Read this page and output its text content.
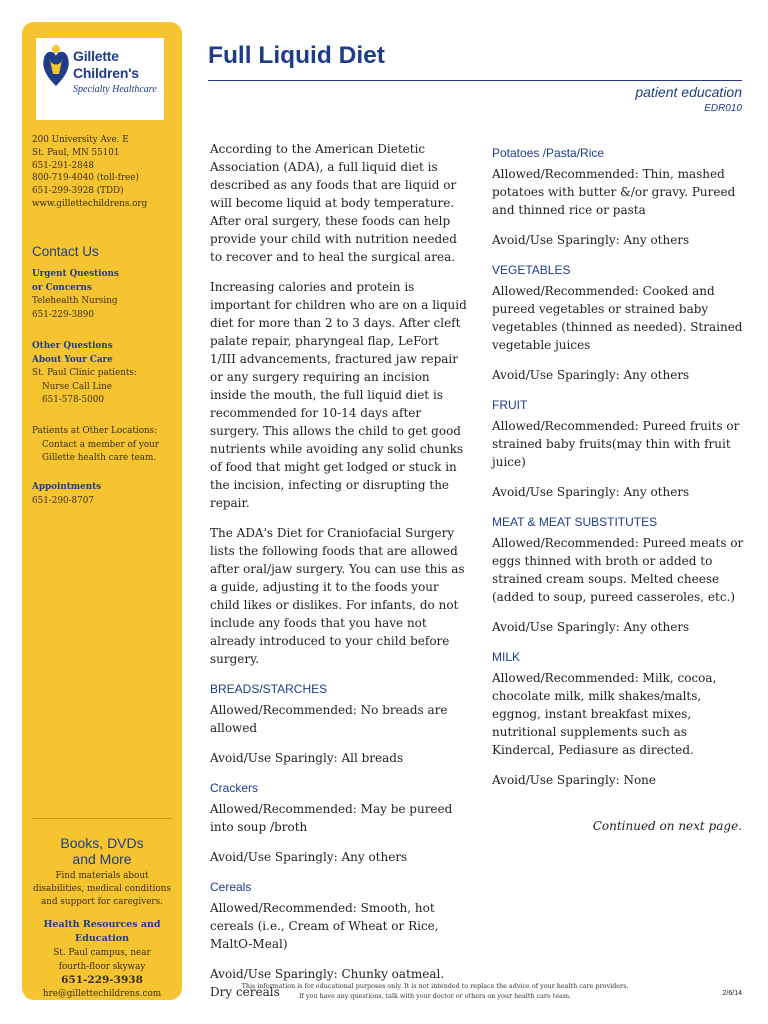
Gillette
Children's
Specialty Healthcare
200 University Ave. E
St. Paul, MN 55101
651-291-2848
800-719-4040 (toll-free)
651-299-3928 (TDD)
www.gillettechildrens.org
Contact Us
Urgent Questions
or Concerns
Telehealth Nursing
651-229-3890
Other Questions
About Your Care
St. Paul Clinic patients:
Nurse Call Line
651-578-5000
Patients at Other Locations:
Contact a member of your
Gillette health care team.
Appointments
651-290-8707
Books, DVDs
and More
Find materials about
disabilities, medical conditions
and support for caregivers.
Health Resources and
Education
St. Paul campus, near
fourth-floor skyway
651-229-3938
hre@gillettechildrens.com
Full Liquid Diet
patient education
EDR010

According to the American Dietetic Association (ADA), a full liquid diet is described as any foods that are liquid or will become liquid at body temperature. After oral surgery, these foods can help provide your child with nutrition needed to recover and to heal the surgical area.

Increasing calories and protein is important for children who are on a liquid diet for more than 2 to 3 days. After cleft palate repair, pharyngeal flap, LeFort 1/III advancements, fractured jaw repair or any surgery requiring an incision inside the mouth, the full liquid diet is recommended for 10-14 days after surgery. This allows the child to get good nutrients while avoiding any solid chunks of food that might get lodged or stuck in the incision, infecting or disrupting the repair.

The ADA's Diet for Craniofacial Surgery lists the following foods that are allowed after oral/jaw surgery. You can use this as a guide, adjusting it to the foods your child likes or dislikes. For infants, do not include any foods that you have not already introduced to your child before surgery.

BREADS/STARCHES

Allowed/Recommended: No breads are allowed

Avoid/Use Sparingly: All breads

Crackers

Allowed/Recommended: May be pureed into soup /broth

Avoid/Use Sparingly: Any others

Cereals

Allowed/Recommended: Smooth, hot cereals (i.e., Cream of Wheat or Rice, MaltO-Meal)

Avoid/Use Sparingly: Chunky oatmeal. Dry cereals

Potatoes /Pasta/Rice

Allowed/Recommended: Thin, mashed potatoes with butter &/or gravy. Pureed and thinned rice or pasta

Avoid/Use Sparingly: Any others

VEGETABLES

Allowed/Recommended: Cooked and pureed vegetables or strained baby vegetables (thinned as needed). Strained vegetable juices

Avoid/Use Sparingly: Any others

FRUIT

Allowed/Recommended: Pureed fruits or strained baby fruits(may thin with fruit juice)

Avoid/Use Sparingly: Any others

MEAT & MEAT SUBSTITUTES

Allowed/Recommended: Pureed meats or eggs thinned with broth or added to strained cream soups. Melted cheese (added to soup, pureed casseroles, etc.)

Avoid/Use Sparingly: Any others

MILK

Allowed/Recommended: Milk, cocoa, chocolate milk, milk shakes/malts, eggnog, instant breakfast mixes, nutritional supplements such as Kindercal, Pediasure as directed.

Avoid/Use Sparingly: None

Continued on next page.
This information is for educational purposes only. It is not intended to replace the advice of your health care providers.
If you have any questions, talk with your doctor or others on your health care team.	2/6/14
